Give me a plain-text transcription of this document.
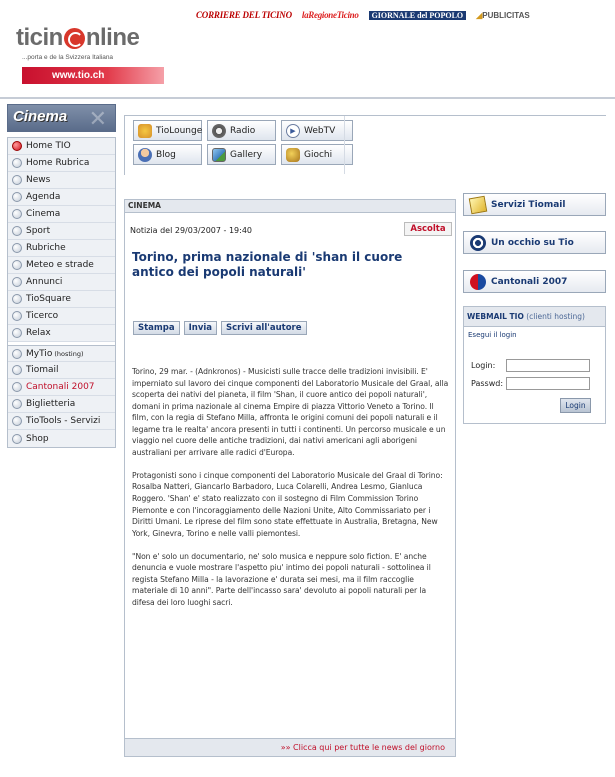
CORRIERE DEL TICINO laRegioneTicino	GIORNALE del POPOLO	◢PUBLICITAS
ticin nline
...porta e de la Svizzera Italiana
www.tio.ch
Cinema ✕
Home TIO
Home Rubrica
News
Agenda
Cinema
Sport
Rubriche
Meteo e strade
Annunci
TioSquare
Ticerco
Relax
MyTio (hosting)
Tiomail
Cantonali 2007
Biglietteria
TioTools - Servizi
Shop
TioLounge	Radio	▶ WebTV
Blog	Gallery	Giochi
CINEMA
Notizia del 29/03/2007 - 19:40	Ascolta
Torino, prima nazionale di 'shan il cuore antico dei popoli naturali'
Stampa	Invia	Scrivi all'autore

Torino, 29 mar. - (Adnkronos) - Musicisti sulle tracce delle tradizioni invisibili. E' imperniato sul lavoro dei cinque componenti del Laboratorio Musicale del Graal, alla scoperta dei nativi del pianeta, il film 'Shan, il cuore antico dei popoli naturali', domani in prima nazionale al cinema Empire di piazza Vittorio Veneto a Torino. Il film, con la regia di Stefano Milla, affronta le origini comuni dei popoli naturali e il legame tra le realta' ancora presenti in tutti i continenti. Un percorso musicale e un viaggio nel cuore delle antiche tradizioni, dai nativi americani agli aborigeni australiani per arrivare alle radici d'Europa.

Protagonisti sono i cinque componenti del Laboratorio Musicale del Graal di Torino: Rosalba Natteri, Giancarlo Barbadoro, Luca Colarelli, Andrea Lesmo, Gianluca Roggero. 'Shan' e' stato realizzato con il sostegno di Film Commission Torino Piemonte e con l'incoraggiamento delle Nazioni Unite, Alto Commissariato per i Diritti Umani. Le riprese del film sono state effettuate in Australia, Bretagna, New York, Ginevra, Torino e nelle valli piemontesi.

"Non e' solo un documentario, ne' solo musica e neppure solo fiction. E' anche denuncia e vuole mostrare l'aspetto piu' intimo dei popoli naturali - sottolinea il regista Stefano Milla - la lavorazione e' durata sei mesi, ma il film raccoglie materiale di 10 anni". Parte dell'incasso sara' devoluto ai popoli naturali per la difesa dei loro luoghi sacri.

»» Clicca qui per tutte le news del giorno
Servizi Tiomail
Un occhio su Tio
Cantonali 2007
WEBMAIL TIO (clienti hosting)
Esegui il login
Login:
Passwd:
Login
